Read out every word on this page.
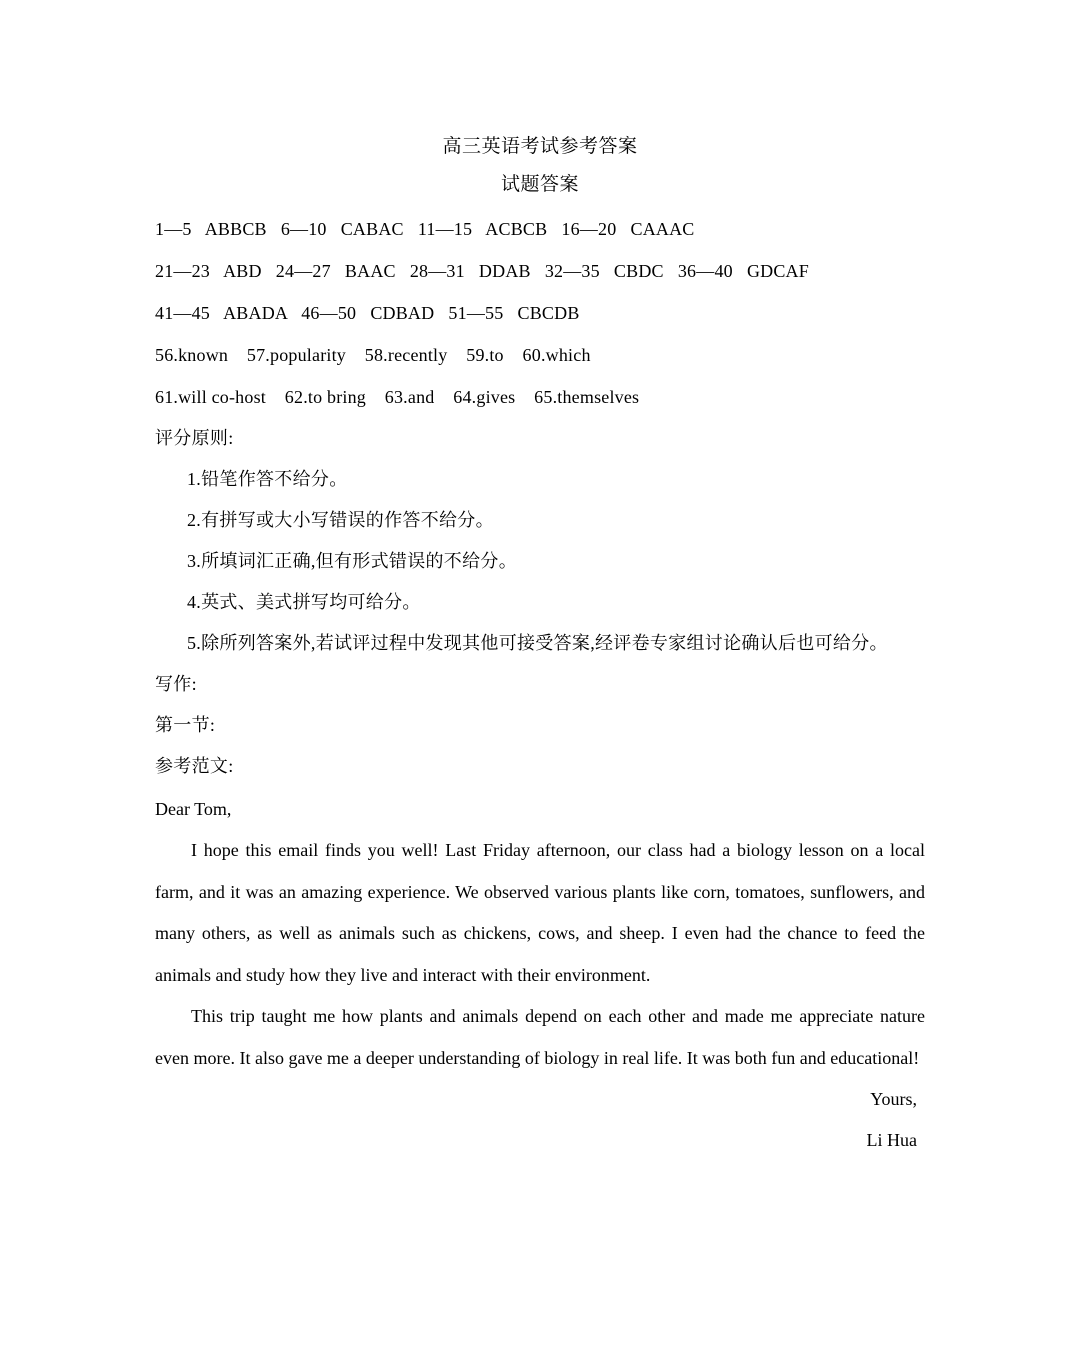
高三英语考试参考答案
试题答案
1—5   ABBCB   6—10   CABAC   11—15   ACBCB   16—20   CAAAC
21—23   ABD   24—27   BAAC   28—31   DDAB   32—35   CBDC   36—40   GDCAF
41—45   ABADA   46—50   CDBAD   51—55   CBCDB
56.known    57.popularity    58.recently    59.to    60.which
61.will co-host    62.to bring    63.and    64.gives    65.themselves
评分原则:
1.铅笔作答不给分。
2.有拼写或大小写错误的作答不给分。
3.所填词汇正确,但有形式错误的不给分。
4.英式、美式拼写均可给分。
5.除所列答案外,若试评过程中发现其他可接受答案,经评卷专家组讨论确认后也可给分。
写作:
第一节:
参考范文:
Dear Tom,
I hope this email finds you well! Last Friday afternoon, our class had a biology lesson on a local farm, and it was an amazing experience. We observed various plants like corn, tomatoes, sunflowers, and many others, as well as animals such as chickens, cows, and sheep. I even had the chance to feed the animals and study how they live and interact with their environment.
This trip taught me how plants and animals depend on each other and made me appreciate nature even more. It also gave me a deeper understanding of biology in real life. It was both fun and educational!
Yours,
Li Hua
